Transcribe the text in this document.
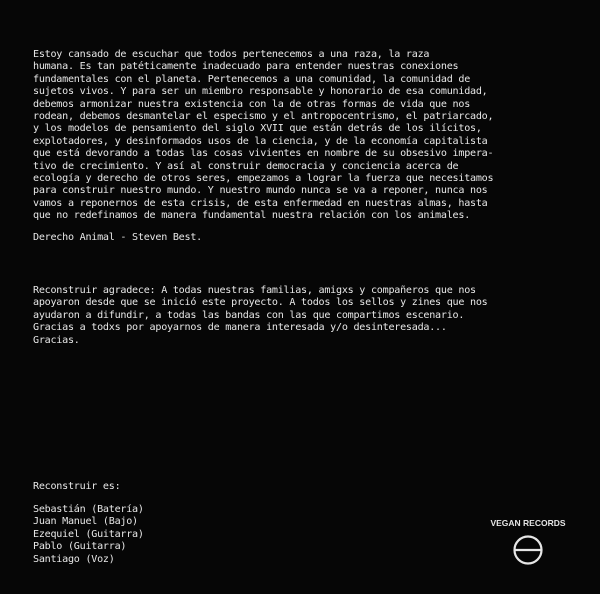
Estoy cansado de escuchar que todos pertenecemos a una raza, la raza
humana. Es tan patéticamente inadecuado para entender nuestras conexiones
fundamentales con el planeta. Pertenecemos a una comunidad, la comunidad de
sujetos vivos. Y para ser un miembro responsable y honorario de esa comunidad,
debemos armonizar nuestra existencia con la de otras formas de vida que nos
rodean, debemos desmantelar el especismo y el antropocentrismo, el patriarcado,
y los modelos de pensamiento del siglo XVII que están detrás de los ilícitos,
explotadores, y desinformados usos de la ciencia, y de la economía capitalista
que está devorando a todas las cosas vivientes en nombre de su obsesivo impera-
tivo de crecimiento. Y así al construir democracia y conciencia acerca de
ecología y derecho de otros seres, empezamos a lograr la fuerza que necesitamos
para construir nuestro mundo. Y nuestro mundo nunca se va a reponer, nunca nos
vamos a reponernos de esta crisis, de esta enfermedad en nuestras almas, hasta
que no redefinamos de manera fundamental nuestra relación con los animales.
Derecho Animal - Steven Best.
Reconstruir agradece: A todas nuestras familias, amigxs y compañeros que nos
apoyaron desde que se inició este proyecto. A todos los sellos y zines que nos
ayudaron a difundir, a todas las bandas con las que compartimos escenario.
Gracias a todxs por apoyarnos de manera interesada y/o desinteresada...
Gracias.
Reconstruir es:
Sebastián (Batería)
Juan Manuel (Bajo)
Ezequiel (Guitarra)
Pablo (Guitarra)
Santiago (Voz)
VEGAN RECORDS
